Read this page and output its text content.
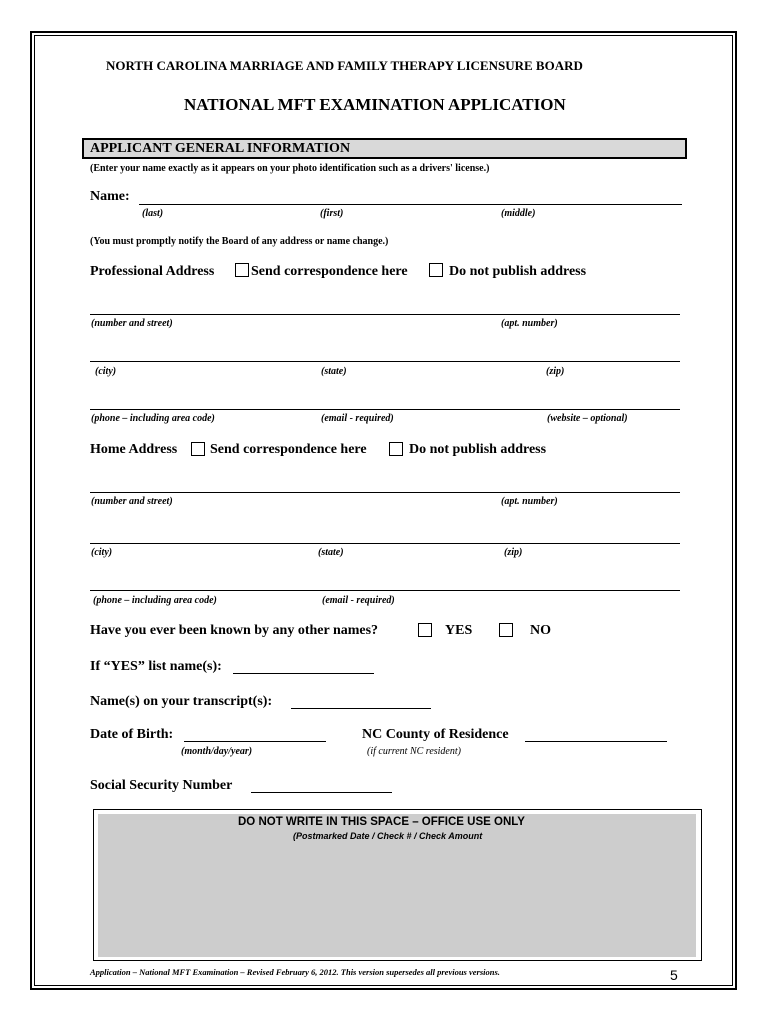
NORTH CAROLINA MARRIAGE AND FAMILY THERAPY LICENSURE BOARD
NATIONAL MFT EXAMINATION APPLICATION
APPLICANT GENERAL INFORMATION
(Enter your name exactly as it appears on your photo identification such as a drivers' license.)
Name:
(last)	(first)	(middle)
(You must promptly notify the Board of any address or name change.)
Professional Address	Send correspondence here	Do not publish address
(number and street)	(apt. number)
(city)	(state)	(zip)
(phone – including area code)	(email - required)	(website – optional)
Home Address Send correspondence here	Do not publish address
(number and street)	(apt. number)
(city)	(state)	(zip)
(phone – including area code)	(email - required)
Have you ever been known by any other names?	YES	NO
If “YES” list name(s):
Name(s) on your transcript(s):
Date of Birth:
(month/day/year)
NC County of Residence
(if current NC resident)
Social Security Number
DO NOT WRITE IN THIS SPACE – OFFICE USE ONLY
(Postmarked Date / Check # / Check Amount
Application – National MFT Examination – Revised February 6, 2012. This version supersedes all previous versions.	5
